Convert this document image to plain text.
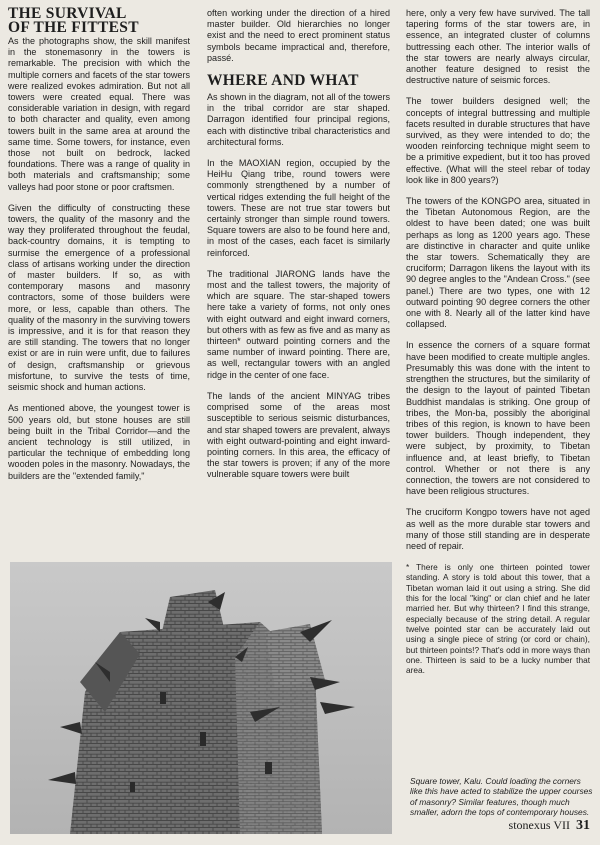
THE SURVIVAL
OF THE FITTEST

As the photographs show, the skill manifest in the stonemasonry in the towers is remarkable. The precision with which the multiple corners and facets of the star towers were realized evokes admiration. But not all towers were created equal. There was considerable variation in design, with regard to both character and quality, even among towers built in the same area at around the same time. Some towers, for instance, even those not built on bedrock, lacked foundations. There was a range of quality in both materials and craftsmanship; some valleys had poor stone or poor craftsmen.

Given the difficulty of constructing these towers, the quality of the masonry and the way they proliferated throughout the feudal, back-country domains, it is tempting to surmise the emergence of a professional class of artisans working under the direction of master builders. If so, as with contemporary masons and masonry contractors, some of those builders were more, or less, capable than others. The quality of the masonry in the surviving towers is impressive, and it is for that reason they are still standing. The towers that no longer exist or are in ruin were unfit, due to failures of design, craftsmanship or grievous misfortune, to survive the tests of time, seismic shock and human actions.

As mentioned above, the youngest tower is 500 years old, but stone houses are still being built in the Tribal Corridor—and the ancient technology is still utilized, in particular the technique of embedding long wooden poles in the masonry. Nowadays, the builders are the "extended family,"

often working under the direction of a hired master builder. Old hierarchies no longer exist and the need to erect prominent status symbols became impractical and, therefore, passé.

WHERE AND WHAT

As shown in the diagram, not all of the towers in the tribal corridor are star shaped. Darragon identified four principal regions, each with distinctive tribal characteristics and architectural forms.

In the MAOXIAN region, occupied by the HeiHu Qiang tribe, round towers were commonly strengthened by a number of vertical ridges extending the full height of the towers. These are not true star towers but certainly stronger than simple round towers. Square towers are also to be found here and, in most of the cases, each facet is similarly reinforced.

The traditional JIARONG lands have the most and the tallest towers, the majority of which are square. The star-shaped towers here take a variety of forms, not only ones with eight outward and eight inward corners, but others with as few as five and as many as thirteen* outward pointing corners and the same number of inward pointing. There are, as well, rectangular towers with an angled ridge in the center of one face.

The lands of the ancient MINYAG tribes comprised some of the areas most susceptible to serious seismic disturbances, and star shaped towers are prevalent, always with eight outward-pointing and eight inward-pointing corners. In this area, the efficacy of the star towers is proven; if any of the more vulnerable square towers were built

here, only a very few have survived. The tall tapering forms of the star towers are, in essence, an integrated cluster of columns buttressing each other. The interior walls of the star towers are nearly always circular, another feature designed to resist the destructive nature of seismic forces.

The tower builders designed well; the concepts of integral buttressing and multiple facets resulted in durable structures that have survived, as they were intended to do; the wooden reinforcing technique might seem to be a primitive expedient, but it too has proved effective. (What will the steel rebar of today look like in 800 years?)

The towers of the KONGPO area, situated in the Tibetan Autonomous Region, are the oldest to have been dated; one was built perhaps as long as 1200 years ago. These are distinctive in character and quite unlike the star towers. Schematically they are cruciform; Darragon likens the layout with its 90 degree angles to the "Andean Cross." (see panel.) There are two types, one with 12 outward pointing 90 degree corners the other one with 8. Nearly all of the latter kind have collapsed.

In essence the corners of a square format have been modified to create multiple angles. Presumably this was done with the intent to strengthen the structures, but the similarity of the design to the layout of painted Tibetan Buddhist mandalas is striking. One group of tribes, the Mon-ba, possibly the aboriginal tribes of this region, is known to have been tower builders. Though independent, they were subject, by proximity, to Tibetan influence and, at least briefly, to Tibetan control. Whether or not there is any connection, the towers are not considered to have been religious structures.

The cruciform Kongpo towers have not aged as well as the more durable star towers and many of those still standing are in desperate need of repair.

* There is only one thirteen pointed tower standing. A story is told about this tower, that a Tibetan woman laid it out using a string. She did this for the local "king" or clan chief and he later married her. But why thirteen? I find this strange, especially because of the string detail. A regular twelve pointed star can be accurately laid out using a single piece of string (or cord or chain), but thirteen points!? That's odd in more ways than one. Thirteen is said to be a lucky number that area.

Square tower, Kalu. Could loading the corners like this have acted to stabilize the upper courses of masonry? Similar features, though much smaller, adorn the tops of contemporary houses.
stonexus VII 31
